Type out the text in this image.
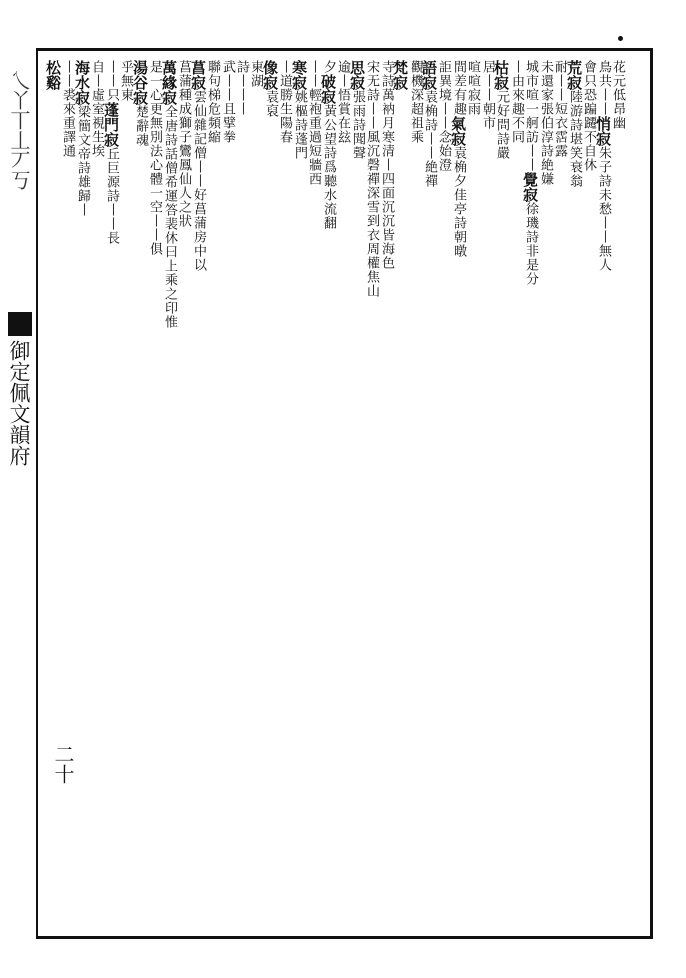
乀丫丅丄丆丂
御定佩文韻府
二十
花元低昂幽
鳥共丨丨悄寂朱子詩未愁丨丨無人
會只恐蹁躚不自休
荒寂陸游詩堪笑衰翁
耐丨丨短衣霑露
未還家張伯淳詩絶嫌
城市喧一舸訪丨丨覺寂徐璣詩非是分
丨由來趣不同
枯寂元好問詩嚴
居丨丨朝市
喧喧寂雨
間差有趣氣寂袁桷夕佳亭詩朝暾
詎異境丨丨念始澄
語寂袁桷詩丨丨絶禪
觀機深超祖乘
梵寂
寺詩萬衲月寒清丨四面沉沉皆海色
宋无詩丨丨風沉磬禪深雪到衣周權焦山
思寂張雨詩聞聲
逾丨悟賞在玆
夕破寂黃公望詩爲聽水流翻
丨丨輕袍重過短牆西
寒寂姚樞詩蓬門
丨道勝生陽春
像寂袁裒
東湖
詩丨丨丨
武丨丨且擘拳
聯句梯危頻縮
菖寂雲仙雜記僧丨丨好菖蒲房中以
菖蒲種成獅子鸞鳳仙人之狀
萬緣寂全唐詩話僧希運答裴休曰上乘之印惟
是一心更無別法心體一空丨丨俱
湯谷寂楚辭魂
乎無東
丨丨只蓬門寂丘巨源詩丨丨長
自丨虛室視生埃
海水寂梁簡文帝詩雄歸丨
丨丨裘來重譯通
松谿
